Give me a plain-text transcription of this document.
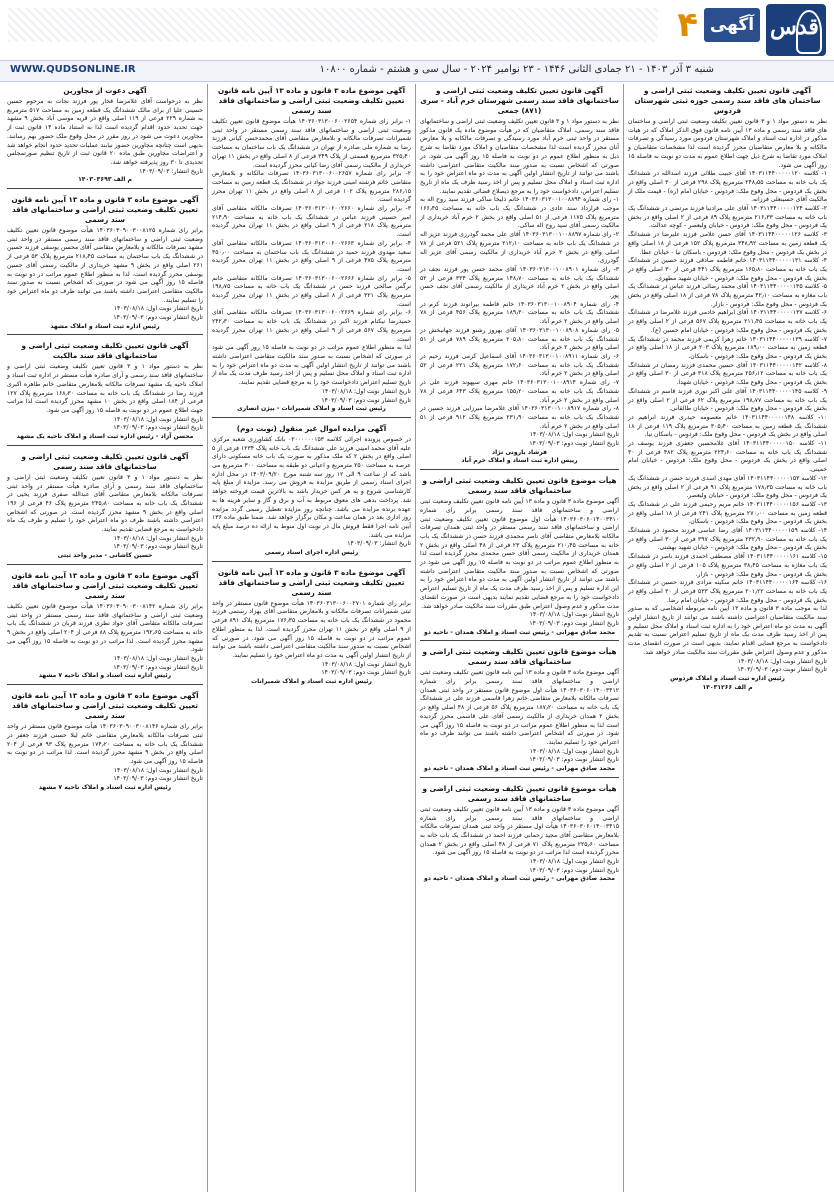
قدس
آگهی
۴
شنبه ۳ آذر ۱۴۰۳ - ۲۱ جمادی الثانی ۱۴۴۶ - ۲۳ نوامبر ۲۰۲۴ - سال سی و هشتم - شماره ۱۰۸۰۰
WWW.QUDSONLINE.IR
آگهی قانون تعیین تکلیف وضعیت ثبتی اراضی و ساختمان های فاقد سند رسمی حوزه ثبتی شهرستان فردوس
نظر به دستور مواد ۱ و ۳ قانون تعیین تکلیف وضعیت ثبتی اراضی و ساختمان های فاقد سند رسمی و ماده ۱۳ آیین نامه قانون فوق الذکر املاک که در هیات مذکور در اداره ثبت اسناد و املاک شهرستان فردوس مورد رسیدگی و تصرفات مالکانه و بلا معارض متقاضیان محرز گردیده است لذا مشخصات متقاضیان و املاک مورد تقاضا به شرح ذیل جهت اطلاع عموم به مدت دو نوبت به فاصله ۱۵ روز آگهی می شود.
۱- کلاسه ۱۴۰۳۱۱۴۴۰۰۰۰۰۱۲۰ آقای حبیب طلائی فرزند اسدالله در ششدانگ یک باب خانه به مساحت ۲۴۸٫۵۵ مترمربع پلاک ۲۹۸ فرعی از ۳۰ اصلی واقع در بخش یک فردوس - محل وقوع ملک: فردوس - خیابان امام (ره) - قیمت ملک از مالکیت آقای حسینعلی فرزانه.
۲- کلاسه ۱۴۰۳۱۱۴۴۰۰۰۰۰۱۲۴ آقای علی مرادنیا فرزند مرتضی در ششدانگ یک باب خانه به مساحت ۲۱۶٫۳۳ مترمربع پلاک ۸۹ فرعی از ۲ اصلی واقع در بخش یک فردوس - محل وقوع ملک: فردوس - خیابان ولیعصر - کوچه عدالت.
۳- کلاسه ۱۴۰۳۱۱۴۴۰۰۰۰۰۱۲۶ آقای حسن غلامی فرزند علیرضا در ششدانگ یک قطعه زمین به مساحت ۳۴۸٫۹۲ مترمربع پلاک ۱۵۲ فرعی از ۱۸ اصلی واقع در بخش یک فردوس - محل وقوع ملک: فردوس - باسکان نیا - خیابان عطا.
۴- کلاسه ۱۴۰۳۱۱۴۴۰۰۰۰۰۱۳۱ خانم فاطمه صادقی فرزند حسین در ششدانگ یک باب خانه به مساحت ۱۶۵٫۸۰ مترمربع پلاک ۴۴۱ فرعی از ۳۰ اصلی واقع در بخش یک فردوس - محل وقوع ملک: فردوس - خیابان شهید مطهری.
۵- کلاسه ۱۴۰۳۱۱۴۴۰۰۰۰۰۱۳۵ آقای محمد رضائی فرزند عباس در ششدانگ یک باب مغازه به مساحت ۴۲٫۱۰ مترمربع پلاک ۷۸ فرعی از ۱۸ اصلی واقع در بخش یک فردوس - محل وقوع ملک: فردوس - بازار.
۶- کلاسه ۱۴۰۳۱۱۴۴۰۰۰۰۰۱۳۷ آقای ابراهیم خادمی فرزند غلامرضا در ششدانگ یک باب خانه به مساحت ۲۱۱٫۴۵ مترمربع پلاک ۵۶۷ فرعی از ۲ اصلی واقع در بخش یک فردوس - محل وقوع ملک: فردوس - خیابان امام حسین (ع).
۷- کلاسه ۱۴۰۳۱۱۴۴۰۰۰۰۰۱۳۹ خانم زهرا کریمی فرزند محمد در ششدانگ یک قطعه زمین به مساحت ۱۸۹٫۰۰ مترمربع پلاک ۲۰۳ فرعی از ۱۸ اصلی واقع در بخش یک فردوس - محل وقوع ملک: فردوس - باسکان.
۸- کلاسه ۱۴۰۳۱۱۴۴۰۰۰۰۰۱۴۲ آقای حسین محمدی فرزند رمضان در ششدانگ یک باب خانه به مساحت ۲۵۶٫۱۲ مترمربع پلاک ۳۱۸ فرعی از ۳۰ اصلی واقع در بخش یک فردوس - محل وقوع ملک: فردوس - خیابان شهدا.
۹- کلاسه ۱۴۰۳۱۱۴۴۰۰۰۰۰۱۴۵ آقای علی اکبر نوری فرزند قاسم در ششدانگ یک باب خانه به مساحت ۱۹۸٫۷۷ مترمربع پلاک ۶۲ فرعی از ۲ اصلی واقع در بخش یک فردوس - محل وقوع ملک: فردوس - خیابان طالقانی.
۱۰- کلاسه ۱۴۰۳۱۱۴۴۰۰۰۰۰۱۴۸ خانم معصومه حیدری فرزند ابراهیم در ششدانگ یک قطعه زمین به مساحت ۳۰۵٫۴۰ مترمربع پلاک ۱۱۹ فرعی از ۱۸ اصلی واقع در بخش یک فردوس - محل وقوع ملک: فردوس - باسکان نیا.
۱۱- کلاسه ۱۴۰۳۱۱۴۴۰۰۰۰۰۱۵۰ آقای غلامحسین جعفری فرزند یوسف در ششدانگ یک باب خانه به مساحت ۲۲۴٫۶۰ مترمربع پلاک ۴۸۲ فرعی از ۳۰ اصلی واقع در بخش یک فردوس - محل وقوع ملک: فردوس - خیابان امام خمینی.
۱۲- کلاسه ۱۴۰۳۱۱۴۴۰۰۰۰۰۱۵۳ آقای مهدی اسدی فرزند حسن در ششدانگ یک باب خانه به مساحت ۱۷۸٫۳۵ مترمربع پلاک ۹۱ فرعی از ۲ اصلی واقع در بخش یک فردوس - محل وقوع ملک: فردوس - خیابان ولیعصر.
۱۳- کلاسه ۱۴۰۳۱۱۴۴۰۰۰۰۰۱۵۶ خانم مریم رحیمی فرزند علی در ششدانگ یک قطعه زمین به مساحت ۲۷۰٫۰۰ مترمربع پلاک ۲۴۱ فرعی از ۱۸ اصلی واقع در بخش یک فردوس - محل وقوع ملک: فردوس - باسکان.
۱۴- کلاسه ۱۴۰۳۱۱۴۴۰۰۰۰۰۱۵۹ آقای رضا عباسی فرزند محمود در ششدانگ یک باب خانه به مساحت ۲۳۲٫۹۰ مترمربع پلاک ۳۹۷ فرعی از ۳۰ اصلی واقع در بخش یک فردوس - محل وقوع ملک: فردوس - خیابان شهید بهشتی.
۱۵- کلاسه ۱۴۰۳۱۱۴۴۰۰۰۰۰۱۶۱ آقای مصطفی احمدی فرزند ناصر در ششدانگ یک باب مغازه به مساحت ۳۸٫۴۵ مترمربع پلاک ۱۰۵ فرعی از ۲ اصلی واقع در بخش یک فردوس - محل وقوع ملک: فردوس - بازار.
۱۶- کلاسه ۱۴۰۳۱۱۴۴۰۰۰۰۰۱۶۴ خانم سکینه مرادی فرزند حسین در ششدانگ یک باب خانه به مساحت ۲۰۱٫۲۲ مترمربع پلاک ۵۳۳ فرعی از ۳۰ اصلی واقع در بخش یک فردوس - محل وقوع ملک: فردوس - خیابان امام رضا.
لذا به موجب ماده ۳ قانون و ماده ۱۳ آیین نامه مربوطه اشخاصی که به صدور سند مالکیت متقاضیان اعتراضی داشته باشند می توانند از تاریخ انتشار اولین آگهی به مدت دو ماه اعتراض خود را به اداره ثبت اسناد و املاک محل تسلیم و پس از اخذ رسید ظرف مدت یک ماه از تاریخ تسلیم اعتراض نسبت به تقدیم دادخواست به مرجع قضایی اقدام نمایند. بدیهی است در صورت انقضای مدت مذکور و عدم وصول اعتراض طبق مقررات سند مالکیت صادر خواهد شد.
تاریخ انتشار نوبت اول: ۱۴۰۳/۰۸/۱۸
تاریخ انتشار نوبت دوم: ۱۴۰۳/۰۹/۰۳
رئیس اداره ثبت اسناد و املاک فردوس
م الف ۱۴۰۳۱۲۶۶
آگهی قانون تعیین تکلیف وضعیت ثبتی اراضی و ساختمانهای فاقد سند رسمی شهرستان خرم آباد - سری (۸۷۱) جمعی
نظر به دستور مواد ۱ و ۳ قانون تعیین تکلیف وضعیت ثبتی اراضی و ساختمانهای فاقد سند رسمی، املاک متقاضیان که در هیأت موضوع ماده یک قانون مذکور مستقر در واحد ثبتی خرم آباد مورد رسیدگی و تصرفات مالکانه و بلا معارض آنان محرز گردیده است لذا مشخصات متقاضیان و املاک مورد تقاضا به شرح ذیل به منظور اطلاع عموم در دو نوبت به فاصله ۱۵ روز آگهی می شود. در صورتی که اشخاص نسبت به صدور سند مالکیت متقاضی اعتراضی داشته باشند می توانند از تاریخ انتشار اولین آگهی به مدت دو ماه اعتراض خود را به اداره ثبت اسناد و املاک محل تسلیم و پس از اخذ رسید ظرف یک ماه از تاریخ تسلیم اعتراض، دادخواست خود را به مرجع ذیصلاح قضائی تقدیم نمایند.
۱- رای شماره ۱۴۰۳۶۰۳۱۳۰۰۱۰۰۸۸۹۴ خانم ذلیخا ساکی فرزند سید روح اله به موجب قرارداد سند عادی در ششدانگ یک باب خانه به مساحت ۱۶۶٫۴۵ مترمربع پلاک ۱۱۷۵ فرعی از ۵۱ اصلی واقع در بخش ۲ خرم آباد خریداری از مالکیت رسمی آقای سید روح اله ساکی.
۲- رای شماره ۱۴۰۳۶۰۳۱۳۰۰۱۰۰۸۸۹۷ آقای علی محمد گودرزی فرزند عزیز اله در ششدانگ یک باب خانه به مساحت ۲۱۲٫۱۰ مترمربع پلاک ۵۲۱ فرعی از ۷۸ اصلی واقع در بخش ۲ خرم آباد خریداری از مالکیت رسمی آقای عزیز اله گودرزی.
۳- رای شماره ۱۴۰۳۶۰۳۱۳۰۰۱۰۰۸۹۰۱ آقای محمد حسن پور فرزند نجف در ششدانگ یک باب خانه به مساحت ۱۴۸٫۷۰ مترمربع پلاک ۳۳۴ فرعی از ۵۲ اصلی واقع در بخش ۲ خرم آباد خریداری از مالکیت رسمی آقای نجف حسن پور.
۴- رای شماره ۱۴۰۳۶۰۳۱۳۰۰۱۰۰۸۹۰۴ خانم فاطمه بیرانوند فرزند کرم در ششدانگ یک باب خانه به مساحت ۱۸۹٫۳۰ مترمربع پلاک ۴۵۶ فرعی از ۷۸ اصلی واقع در بخش ۲ خرم آباد.
۵- رای شماره ۱۴۰۳۶۰۳۱۳۰۰۱۰۰۸۹۰۸ آقای بهروز رشنو فرزند جهانبخش در ششدانگ یک باب خانه به مساحت ۲۰۵٫۸۰ مترمربع پلاک ۷۸۹ فرعی از ۵۱ اصلی واقع در بخش ۲ خرم آباد.
۶- رای شماره ۱۴۰۳۶۰۳۱۳۰۰۱۰۰۸۹۱۱ آقای اسماعیل کرمی فرزند رحیم در ششدانگ یک باب خانه به مساحت ۱۷۲٫۶۰ مترمربع پلاک ۲۲۱ فرعی از ۵۲ اصلی واقع در بخش ۲ خرم آباد.
۷- رای شماره ۱۴۰۳۶۰۳۱۳۰۰۱۰۰۸۹۱۴ خانم مهری سپهوند فرزند علی در ششدانگ یک باب خانه به مساحت ۱۵۵٫۲۰ مترمربع پلاک ۶۴۳ فرعی از ۷۸ اصلی واقع در بخش ۲ خرم آباد.
۸- رای شماره ۱۴۰۳۶۰۳۱۳۰۰۱۰۰۸۹۱۷ آقای غلامرضا میرزایی فرزند حسین در ششدانگ یک باب خانه به مساحت ۲۳۱٫۹۰ مترمربع پلاک ۹۱۲ فرعی از ۵۱ اصلی واقع در بخش ۲ خرم آباد.
تاریخ انتشار نوبت اول: ۱۴۰۳/۰۸/۱۸
تاریخ انتشار نوبت دوم: ۱۴۰۳/۰۹/۰۳
فرشاد بارونی نژاد
رییس اداره ثبت اسناد و املاک خرم آباد
هیأت موضوع قانون تعیین تکلیف وضعیت ثبتی اراضی و ساختمانهای فاقد سند رسمی
آگهی موضوع ماده ۳ قانون و ماده ۱۳ آیین نامه قانون تعیین تکلیف وضعیت ثبتی اراضی و ساختمانهای فاقد سند رسمی برابر رای شماره ۱۴۰۳۶۰۳۰۶۰۱۴۰۰۳۴۱۰ هیأت اول موضوع قانون تعیین تکلیف وضعیت ثبتی اراضی و ساختمانهای فاقد سند رسمی مستقر در واحد ثبتی همدان تصرفات مالکانه بلامعارض متقاضی آقای ناصر محمدی فرزند حسن در ششدانگ یک باب خانه به مساحت ۲۱۰٫۴۵ مترمربع پلاک ۲۳ فرعی از ۴۸ اصلی واقع در بخش ۲ همدان خریداری از مالکیت رسمی آقای حسن محمدی محرز گردیده است لذا به منظور اطلاع عموم مراتب در دو نوبت به فاصله ۱۵ روز آگهی می شود در صورتی که اشخاص نسبت به صدور سند مالکیت متقاضی اعتراضی داشته باشند می توانند از تاریخ انتشار اولین آگهی به مدت دو ماه اعتراض خود را به این اداره تسلیم و پس از اخذ رسید ظرف مدت یک ماه از تاریخ تسلیم اعتراض دادخواست خود را به مرجع قضایی تقدیم نمایند بدیهی است در صورت انقضای مدت مذکور و عدم وصول اعتراض طبق مقررات سند مالکیت صادر خواهد شد.
تاریخ انتشار نوبت اول: ۱۴۰۳/۰۸/۱۸
تاریخ انتشار نوبت دوم: ۱۴۰۳/۰۹/۰۳
محمد صادق مهرابی - رئیس ثبت اسناد و املاک همدان - ناحیه دو
هیأت موضوع قانون تعیین تکلیف وضعیت ثبتی اراضی و ساختمانهای فاقد سند رسمی
آگهی موضوع ماده ۳ قانون و ماده ۱۳ آیین نامه قانون تعیین تکلیف وضعیت ثبتی اراضی و ساختمانهای فاقد سند رسمی برابر رای شماره ۱۴۰۳۶۰۳۰۶۰۱۴۰۰۳۴۱۲ هیأت اول موضوع قانون مستقر در واحد ثبتی همدان تصرفات مالکانه بلامعارض متقاضی خانم زهرا قاسمی فرزند علی در ششدانگ یک باب خانه به مساحت ۱۸۷٫۲۰ مترمربع پلاک ۵۶ فرعی از ۴۸ اصلی واقع در بخش ۲ همدان خریداری از مالکیت رسمی آقای علی قاسمی محرز گردیده است لذا به منظور اطلاع عموم مراتب در دو نوبت به فاصله ۱۵ روز آگهی می شود. در صورتی که اشخاص اعتراضی داشته باشند می توانند ظرف دو ماه اعتراض خود را تسلیم نمایند.
تاریخ انتشار نوبت اول: ۱۴۰۳/۰۸/۱۸
تاریخ انتشار نوبت دوم: ۱۴۰۳/۰۹/۰۳
محمد صادق مهرابی - رئیس ثبت اسناد و املاک همدان - ناحیه دو
هیأت موضوع قانون تعیین تکلیف وضعیت ثبتی اراضی و ساختمانهای فاقد سند رسمی
آگهی موضوع ماده ۳ قانون و ماده ۱۳ آیین نامه قانون تعیین تکلیف وضعیت ثبتی اراضی و ساختمانهای فاقد سند رسمی برابر رای شماره ۱۴۰۳۶۰۳۰۶۰۱۴۰۰۳۴۱۵ هیأت اول مستقر در واحد ثبتی همدان تصرفات مالکانه بلامعارض متقاضی آقای مجید رحمانی فرزند احمد در ششدانگ یک باب خانه به مساحت ۲۲۵٫۶۰ مترمربع پلاک ۷۱ فرعی از ۴۸ اصلی واقع در بخش ۲ همدان محرز گردیده است لذا مراتب در دو نوبت به فاصله ۱۵ روز آگهی می شود.
تاریخ انتشار نوبت اول: ۱۴۰۳/۰۸/۱۸
تاریخ انتشار نوبت دوم: ۱۴۰۳/۰۹/۰۳
محمد صادق مهرابی - رئیس ثبت اسناد و املاک همدان - ناحیه دو
آگهی موضوع ماده ۳ قانون و ماده ۱۳ آیین نامه قانون تعیین تکلیف وضعیت ثبتی اراضی و ساختمانهای فاقد سند رسمی
۱- برابر رای شماره ۱۴۰۳۶۰۳۱۳۰۰۶۰۰۲۶۵۴ هیأت موضوع قانون تعیین تکلیف وضعیت ثبتی اراضی و ساختمانهای فاقد سند رسمی مستقر در واحد ثبتی شمیرانات تصرفات مالکانه و بلامعارض متقاضی آقای محمدحسن کیانی فرزند رضا به شماره ملی صادره از تهران در ششدانگ یک باب ساختمان به مساحت ۳۲۵٫۴۰ مترمربع قسمتی از پلاک ۳۴۹ فرعی از ۸ اصلی واقع در بخش ۱۱ تهران خریداری از مالکیت رسمی آقای رضا کیانی محرز گردیده است.
۲- برابر رای شماره ۱۴۰۳۶۰۳۱۳۰۰۶۰۰۲۶۵۷ تصرفات مالکانه و بلامعارض متقاضی خانم فرشته امینی فرزند جواد در ششدانگ یک قطعه زمین به مساحت ۲۸۶٫۱۵ مترمربع پلاک ۱۰۲ فرعی از ۸ اصلی واقع در بخش ۱۱ تهران محرز گردیده است.
۳- برابر رای شماره ۱۴۰۳۶۰۳۱۳۰۰۶۰۰۲۶۶۰ تصرفات مالکانه متقاضی آقای امیر حسینی فرزند عباس در ششدانگ یک باب خانه به مساحت ۲۱۴٫۹۰ مترمربع پلاک ۲۱۸ فرعی از ۹ اصلی واقع در بخش ۱۱ تهران محرز گردیده است.
۴- برابر رای شماره ۱۴۰۳۶۰۳۱۳۰۰۶۰۰۲۶۶۳ تصرفات مالکانه متقاضی آقای سعید مهدوی فرزند حمید در ششدانگ یک باب ساختمان به مساحت ۳۵۰٫۰۰ مترمربع پلاک ۴۷۵ فرعی از ۹ اصلی واقع در بخش ۱۱ تهران محرز گردیده است.
۵- برابر رای شماره ۱۴۰۳۶۰۳۱۳۰۰۶۰۰۲۶۶۶ تصرفات مالکانه متقاضی خانم نرگس صالحی فرزند حسن در ششدانگ یک باب خانه به مساحت ۱۹۸٫۷۵ مترمربع پلاک ۳۲۱ فرعی از ۸ اصلی واقع در بخش ۱۱ تهران محرز گردیده است.
۶- برابر رای شماره ۱۴۰۳۶۰۳۱۳۰۰۶۰۰۲۶۶۹ تصرفات مالکانه متقاضی آقای حمیدرضا نیکنام فرزند اکبر در ششدانگ یک باب خانه به مساحت ۲۴۲٫۳۰ مترمربع پلاک ۵۶۷ فرعی از ۹ اصلی واقع در بخش ۱۱ تهران محرز گردیده است.
لذا به منظور اطلاع عموم مراتب در دو نوبت به فاصله ۱۵ روز آگهی می شود در صورتی که اشخاص نسبت به صدور سند مالکیت متقاضی اعتراضی داشته باشند می توانند از تاریخ انتشار اولین آگهی به مدت دو ماه اعتراض خود را به اداره ثبت اسناد و املاک محل تسلیم و پس از اخذ رسید ظرف مدت یک ماه از تاریخ تسلیم اعتراض دادخواست خود را به مرجع قضایی تقدیم نمایند.
تاریخ انتشار نوبت اول: ۱۴۰۳/۰۸/۱۸
تاریخ انتشار نوبت دوم: ۱۴۰۳/۰۹/۰۳
رئیس ثبت اسناد و املاک شمیرانات - بیژن انصاری
آگهی مزایده اموال غیر منقول (نوبت دوم)
در خصوص پرونده اجرائی کلاسه ۰۲۰۰۰۰۰۰۱۵۳ بانک کشاورزی شعبه مرکزی علیه آقای محمد امینی فرزند علی ششدانگ یک باب خانه پلاک ۱۲۳۴ فرعی از ۵ اصلی واقع در بخش ۲ که ملک مذکور به صورت یک باب خانه مسکونی دارای عرصه به مساحت ۲۵۰ مترمربع و اعیانی دو طبقه به مساحت ۳۰۰ مترمربع می باشد که از ساعت ۹ الی ۱۲ روز سه شنبه مورخ ۱۴۰۳/۰۹/۲۰ در محل اداره اجرای اسناد رسمی از طریق مزایده به فروش می رسد. مزایده از مبلغ پایه کارشناسی شروع و به هر کس خریدار باشد به بالاترین قیمت فروخته خواهد شد. پرداخت بدهی های معوق مربوط به آب و برق و گاز و سایر هزینه ها به عهده برنده مزایده می باشد. چنانچه روز مزایده تعطیل رسمی گردد مزایده روز اداری بعد در همان ساعت و مکان برگزار خواهد شد. ضمنا طبق ماده ۱۳۶ آیین نامه اجرا فقط فروش مال در نوبت اول منوط به ارائه ده درصد مبلغ پایه مزایده می باشد.
تاریخ انتشار: ۱۴۰۳/۰۹/۰۳
رئیس اداره اجرای اسناد رسمی
آگهی موضوع ماده ۳ قانون و ماده ۱۳ آیین نامه قانون تعیین تکلیف وضعیت ثبتی اراضی و ساختمانهای فاقد سند رسمی
برابر رای شماره ۱۴۰۳۶۰۳۱۳۰۰۶۰۰۲۷۰۱ هیأت موضوع قانون مستقر در واحد ثبتی شمیرانات تصرفات مالکانه و بلامعارض متقاضی آقای بهزاد رستمی فرزند محمود در ششدانگ یک باب خانه به مساحت ۱۷۶٫۳۵ مترمربع پلاک ۸۹۱ فرعی از ۹ اصلی واقع در بخش ۱۱ تهران محرز گردیده است. لذا به منظور اطلاع عموم مراتب در دو نوبت به فاصله ۱۵ روز آگهی می شود. در صورتی که اشخاص نسبت به صدور سند مالکیت متقاضی اعتراضی داشته باشند می توانند از تاریخ انتشار اولین آگهی به مدت دو ماه اعتراض خود را تسلیم نمایند.
تاریخ انتشار نوبت اول: ۱۴۰۳/۰۸/۱۸
تاریخ انتشار نوبت دوم: ۱۴۰۳/۰۹/۰۳
رئیس اداره ثبت اسناد و املاک شمیرانات
آگهی دعوت از مجاورین
نظر به درخواست آقای غلامرضا فخار پور فرزند نجات به مرحوم حسین حسینی علیا از برای مالک ششدانگ یک قطعه زمین به مساحت ۵۱۷ مترمربع به شماره ۲۲۹ فرعی از ۱۱۹ اصلی واقع در قریه موسی آباد بخش ۹ مشهد جهت تحدید حدود اقدام گردیده است لذا به استناد ماده ۱۴ قانون ثبت از مجاورین دعوت می شود در روز مقرر در محل وقوع ملک حضور بهم رسانند. بدیهی است چنانچه مجاورین حضور نیابند عملیات تحدید حدود انجام خواهد شد و اعتراضات مجاورین طبق ماده ۲۰ قانون ثبت از تاریخ تنظیم صورتمجلس تحدیدی تا ۳۰ روز پذیرفته خواهد شد.
تاریخ انتشار: ۱۴۰۳/۰۹/۰۳
م الف ۱۴۰۳۰۳۶۹۳
آگهی موضوع ماده ۳ قانون و ماده ۱۳ آیین نامه قانون تعیین تکلیف وضعیت ثبتی اراضی و ساختمانهای فاقد سند رسمی
برابر رای شماره ۱۴۰۳۶۰۳۰۹۰۰۳۰۰۸۱۲۵ هیأت موضوع قانون تعیین تکلیف وضعیت ثبتی اراضی و ساختمانهای فاقد سند رسمی مستقر در واحد ثبتی مشهد تصرفات مالکانه و بلامعارض متقاضی آقای محسن یوسفی فرزند حسین در ششدانگ یک باب ساختمان به مساحت ۲۱۸٫۴۵ مترمربع پلاک ۵۳ فرعی از ۲۶۱ اصلی واقع در بخش ۹ مشهد خریداری از مالکیت رسمی آقای حسین یوسفی محرز گردیده است. لذا به منظور اطلاع عموم مراتب در دو نوبت به فاصله ۱۵ روز آگهی می شود در صورتی که اشخاص نسبت به صدور سند مالکیت متقاضی اعتراضی داشته باشند می توانند ظرف دو ماه اعتراض خود را تسلیم نمایند.
تاریخ انتشار نوبت اول: ۱۴۰۳/۰۸/۱۸
تاریخ انتشار نوبت دوم: ۱۴۰۳/۰۹/۰۳
رئیس اداره ثبت اسناد و املاک مشهد
آگهی قانون تعیین تکلیف وضعیت ثبتی اراضی و ساختمانهای فاقد سند مالکیت
نظر به دستور مواد ۱ و ۳ قانون تعیین تکلیف وضعیت ثبتی اراضی و ساختمانهای فاقد سند رسمی و آرای صادره هیأت مستقر در اداره ثبت اسناد و املاک ناحیه یک مشهد تصرفات مالکانه بلامعارض متقاضی خانم طاهره اکبری فرزند رضا در ششدانگ یک باب خانه به مساحت ۱۶۸٫۳۰ مترمربع پلاک ۱۲۷ فرعی از ۱۸۴ اصلی واقع در بخش ۱۰ مشهد محرز گردیده است لذا مراتب جهت اطلاع عموم در دو نوبت به فاصله ۱۵ روز آگهی می شود.
تاریخ انتشار نوبت اول: ۱۴۰۳/۰۸/۱۸
تاریخ انتشار نوبت دوم: ۱۴۰۳/۰۹/۰۳
محسن آزاد - رئیس اداره ثبت اسناد و املاک ناحیه یک مشهد
آگهی قانون تعیین تکلیف وضعیت ثبتی اراضی و ساختمانهای فاقد سند رسمی
نظر به دستور مواد ۱ و ۳ قانون تعیین تکلیف وضعیت ثبتی اراضی و ساختمانهای فاقد سند رسمی و آرای صادره هیأت مستقر در واحد ثبتی تصرفات مالکانه بلامعارض متقاضی آقای عبدالله صفری فرزند یحیی در ششدانگ یک باب خانه به مساحت ۲۴۵٫۸۰ مترمربع پلاک ۴۶ فرعی از ۱۹۶ اصلی واقع در بخش ۹ مشهد محرز گردیده است. در صورتی که اشخاص اعتراضی داشته باشند ظرف دو ماه اعتراض خود را تسلیم و ظرف یک ماه دادخواست به مرجع قضایی تقدیم نمایند.
تاریخ انتشار نوبت اول: ۱۴۰۳/۰۸/۱۸
تاریخ انتشار نوبت دوم: ۱۴۰۳/۰۹/۰۳
حسین کاشانی - مدیر واحد ثبتی
آگهی موضوع ماده ۳ قانون و ماده ۱۳ آیین نامه قانون تعیین تکلیف وضعیت ثبتی اراضی و ساختمانهای فاقد سند رسمی
برابر رای شماره ۱۴۰۳۶۰۳۰۹۰۰۳۰۰۸۱۴۲ هیأت موضوع قانون تعیین تکلیف وضعیت ثبتی اراضی و ساختمانهای فاقد سند رسمی مستقر در واحد ثبتی تصرفات مالکانه متقاضی آقای جواد نظری فرزند قربان در ششدانگ یک باب خانه به مساحت ۱۹۲٫۶۵ مترمربع پلاک ۸۸ فرعی از ۲۰۴ اصلی واقع در بخش ۹ مشهد محرز گردیده است. لذا مراتب در دو نوبت به فاصله ۱۵ روز آگهی می شود.
تاریخ انتشار نوبت اول: ۱۴۰۳/۰۸/۱۸
تاریخ انتشار نوبت دوم: ۱۴۰۳/۰۹/۰۳
رئیس اداره ثبت اسناد و املاک ناحیه ۷ مشهد
آگهی موضوع ماده ۳ قانون و ماده ۱۳ آیین نامه قانون تعیین تکلیف وضعیت ثبتی اراضی و ساختمانهای فاقد سند رسمی
برابر رای شماره ۱۴۰۳۶۰۳۰۹۰۰۳۰۰۸۱۴۶ هیأت موضوع قانون مستقر در واحد ثبتی تصرفات مالکانه بلامعارض متقاضی خانم لیلا حسنی فرزند جعفر در ششدانگ یک باب خانه به مساحت ۱۷۴٫۲۰ مترمربع پلاک ۹۳ فرعی از ۲۰۴ اصلی واقع در بخش ۹ مشهد محرز گردیده است. لذا مراتب در دو نوبت به فاصله ۱۵ روز آگهی می شود.
تاریخ انتشار نوبت اول: ۱۴۰۳/۰۸/۱۸
تاریخ انتشار نوبت دوم: ۱۴۰۳/۰۹/۰۳
رئیس اداره ثبت اسناد و املاک ناحیه ۷ مشهد
